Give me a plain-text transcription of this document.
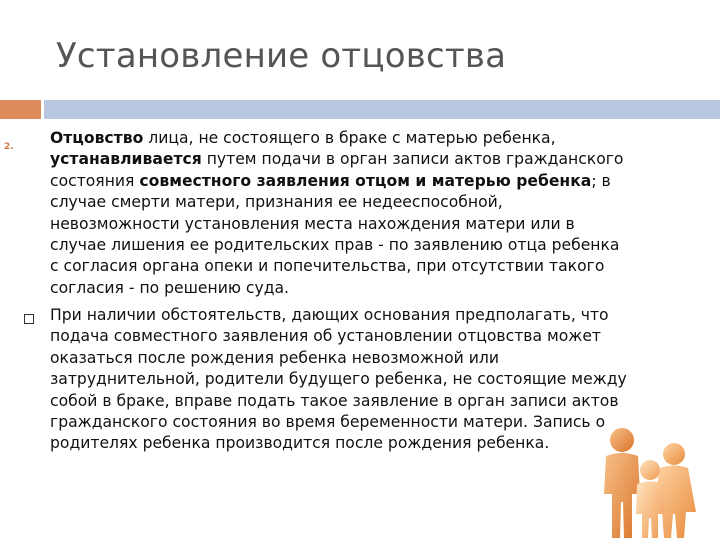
Установление отцовства
2. Отцовство лица, не состоящего в браке с матерью ребенка,
устанавливается путем подачи в орган записи актов гражданского
состояния совместного заявления отцом и матерью ребенка; в
случае смерти матери, признания ее недееспособной,
невозможности установления места нахождения матери или в
случае лишения ее родительских прав - по заявлению отца ребенка
с согласия органа опеки и попечительства, при отсутствии такого
согласия - по решению суда.

При наличии обстоятельств, дающих основания предполагать, что
подача совместного заявления об установлении отцовства может
оказаться после рождения ребенка невозможной или
затруднительной, родители будущего ребенка, не состоящие между
собой в браке, вправе подать такое заявление в орган записи актов
гражданского состояния во время беременности матери. Запись о
родителях ребенка производится после рождения ребенка.
